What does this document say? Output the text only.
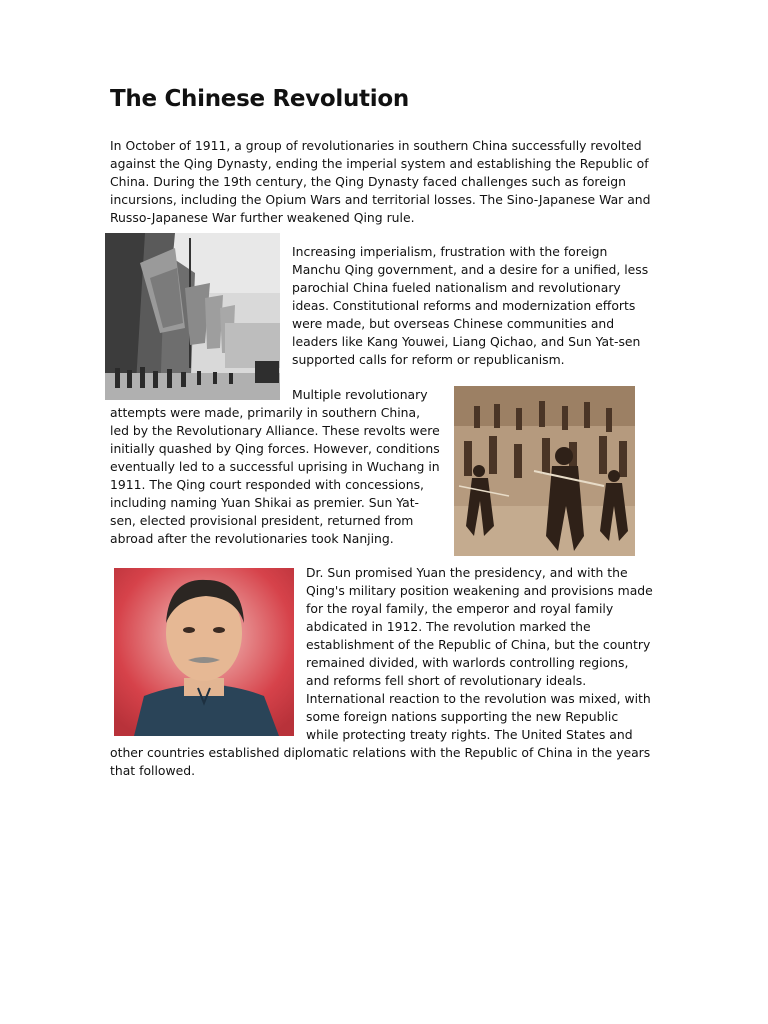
The Chinese Revolution

In October of 1911, a group of revolutionaries in southern China successfully revolted
against the Qing Dynasty, ending the imperial system and establishing the Republic of
China. During the 19th century, the Qing Dynasty faced challenges such as foreign
incursions, including the Opium Wars and territorial losses. The Sino-Japanese War and
Russo-Japanese War further weakened Qing rule.

Increasing imperialism, frustration with the foreign
Manchu Qing government, and a desire for a unified, less
parochial China fueled nationalism and revolutionary
ideas. Constitutional reforms and modernization efforts
were made, but overseas Chinese communities and
leaders like Kang Youwei, Liang Qichao, and Sun Yat-sen
supported calls for reform or republicanism.

Multiple revolutionary
attempts were made, primarily in southern China,
led by the Revolutionary Alliance. These revolts were
initially quashed by Qing forces. However, conditions
eventually led to a successful uprising in Wuchang in
1911. The Qing court responded with concessions,
including naming Yuan Shikai as premier. Sun Yat-
sen, elected provisional president, returned from
abroad after the revolutionaries took Nanjing.

Dr. Sun promised Yuan the presidency, and with the
Qing's military position weakening and provisions made
for the royal family, the emperor and royal family
abdicated in 1912. The revolution marked the
establishment of the Republic of China, but the country
remained divided, with warlords controlling regions,
and reforms fell short of revolutionary ideals.
International reaction to the revolution was mixed, with
some foreign nations supporting the new Republic
while protecting treaty rights. The United States and
other countries established diplomatic relations with the Republic of China in the years
that followed.
